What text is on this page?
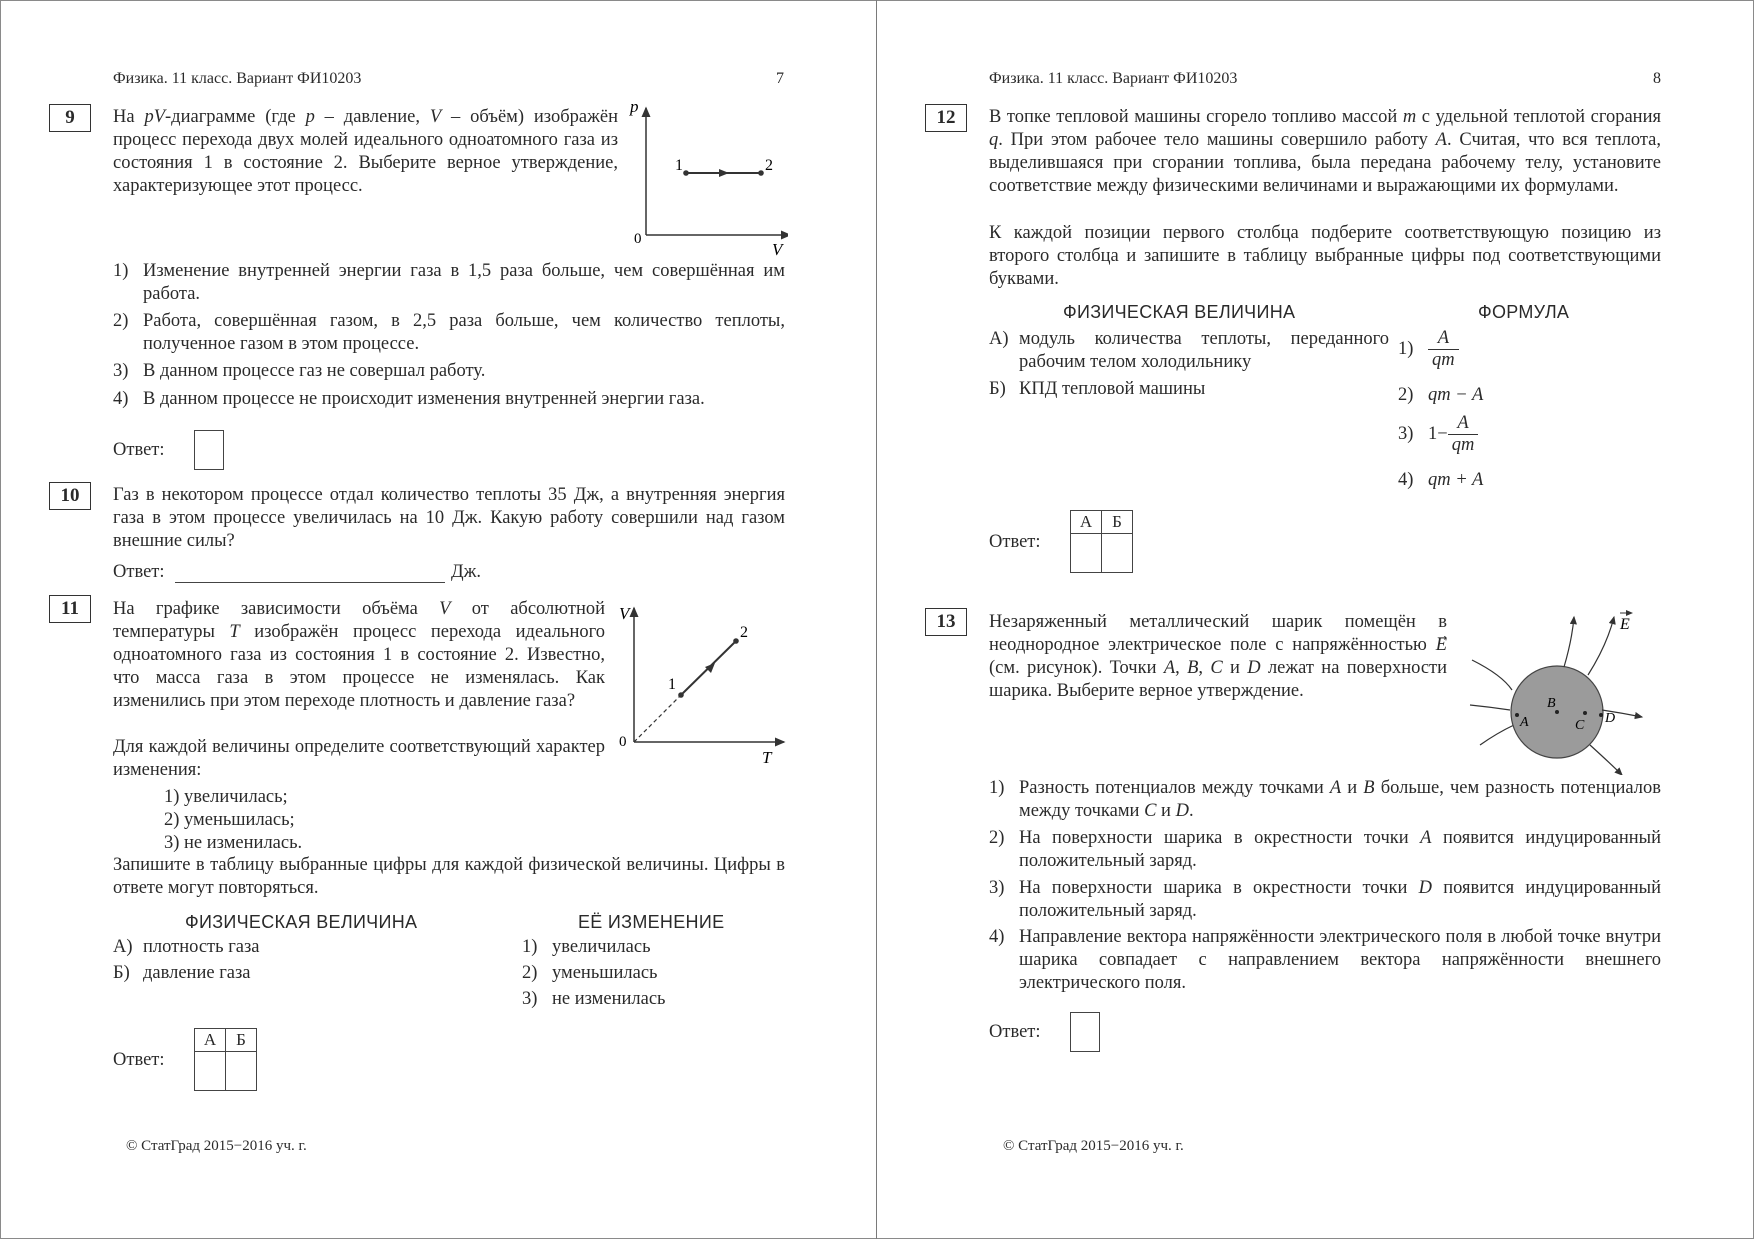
Физика. 11 класс. Вариант ФИ10203	7
9	На pV-диаграмме (где p – давление, V – объём) изображён процесс перехода двух молей идеального одноатомного газа из состояния 1 в состояние 2. Выберите верное утверждение, характеризующее этот процесс.
p
V
0
1	2
1) Изменение внутренней энергии газа в 1,5 раза больше, чем совершённая им работа.
2) Работа, совершённая газом, в 2,5 раза больше, чем количество теплоты, полученное газом в этом процессе.
3) В данном процессе газ не совершал работу.
4) В данном процессе не происходит изменения внутренней энергии газа.
Ответ:
10	Газ в некотором процессе отдал количество теплоты 35 Дж, а внутренняя энергия газа в этом процессе увеличилась на 10 Дж. Какую работу совершили над газом внешние силы?
Ответ:	Дж.
11	На графике зависимости объёма V от абсолютной температуры T изображён процесс перехода идеального одноатомного газа из состояния 1 в состояние 2. Известно, что масса газа в этом процессе не изменялась. Как изменились при этом переходе плотность и давление газа?
Для каждой величины определите соответствующий характер изменения:
1) увеличилась;
2) уменьшилась;
3) не изменилась.
Запишите в таблицу выбранные цифры для каждой физической величины. Цифры в ответе могут повторяться.
V
T
0
1
2
ФИЗИЧЕСКАЯ ВЕЛИЧИНА	ЕЁ ИЗМЕНЕНИЕ
А) плотность газа
Б) давление газа
1) увеличилась
2) уменьшилась
3) не изменилась
Ответ:
А	Б

© СтатГрад 2015−2016 уч. г.
Физика. 11 класс. Вариант ФИ10203	8
12	В топке тепловой машины сгорело топливо массой m с удельной теплотой сгорания q. При этом рабочее тело машины совершило работу A. Считая, что вся теплота, выделившаяся при сгорании топлива, была передана рабочему телу, установите соответствие между физическими величинами и выражающими их формулами.
К каждой позиции первого столбца подберите соответствующую позицию из второго столбца и запишите в таблицу выбранные цифры под соответствующими буквами.
ФИЗИЧЕСКАЯ ВЕЛИЧИНА	ФОРМУЛА
А) модуль количества теплоты, переданного рабочим телом холодильнику
Б) КПД тепловой машины
$1) \frac{A}{qm}$
2) qm − A
3) $1- \frac{A}{qm}$
4) qm + A
Ответ:
А	Б

13	Незаряженный металлический шарик помещён в неоднородное электрическое поле с напряжённостью E (см. рисунок). Точки A, B, C и D лежат на поверхности шарика. Выберите верное утверждение.
A
B
C D
E
1) Разность потенциалов между точками A и B больше, чем разность потенциалов между точками C и D.
2) На поверхности шарика в окрестности точки A появится индуцированный положительный заряд.
3) На поверхности шарика в окрестности точки D появится индуцированный положительный заряд.
4) Направление вектора напряжённости электрического поля в любой точке внутри шарика совпадает с направлением вектора напряжённости внешнего электрического поля.
Ответ:
© СтатГрад 2015−2016 уч. г.
